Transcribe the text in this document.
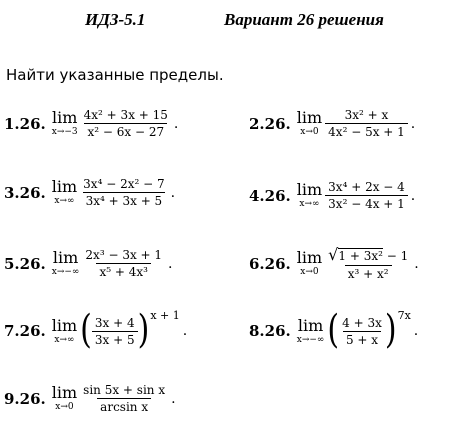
ИДЗ-5.1	Вариант 26 решения
Найти указанные пределы.
1.26. lim
$x\to-3 \frac{\text{4x² + 3x + 15}}{\text{x² − 6x − 27}}$ .	2.26. lim
$x\to 0 \frac{\text{3x² + x}}{\text{4x² − 5x + 1}}$ .
3.26. lim
$x\to\infty \frac{\text{3x⁴ − 2x² − 7}}{\text{3x⁴ + 3x + 5}}$ .	4.26. lim
$x\to\infty \frac{\text{3x⁴ + 2x − 4}}{\text{3x² − 4x + 1}}$ .
5.26. lim
$x\to-\infty \frac{\text{2x³ − 3x + 1}}{\text{x⁵ + 4x³}}$ .	6.26. lim
$x\to 0 \frac{\text{√1 + 3x² − 1}}{\text{x³ + x²}}$ .
7.26. lim
x→∞ ( $\frac{3x + 4}{3x + 5}$ ) x + 1
.	8.26. lim
x→−∞ ( $\frac{4 + 3x}{5 + x}$ ) 7x
.
9.26. lim
$x\to 0 \frac{\text{sin 5x + sin x}}{\text{arcsin x}}$ .
